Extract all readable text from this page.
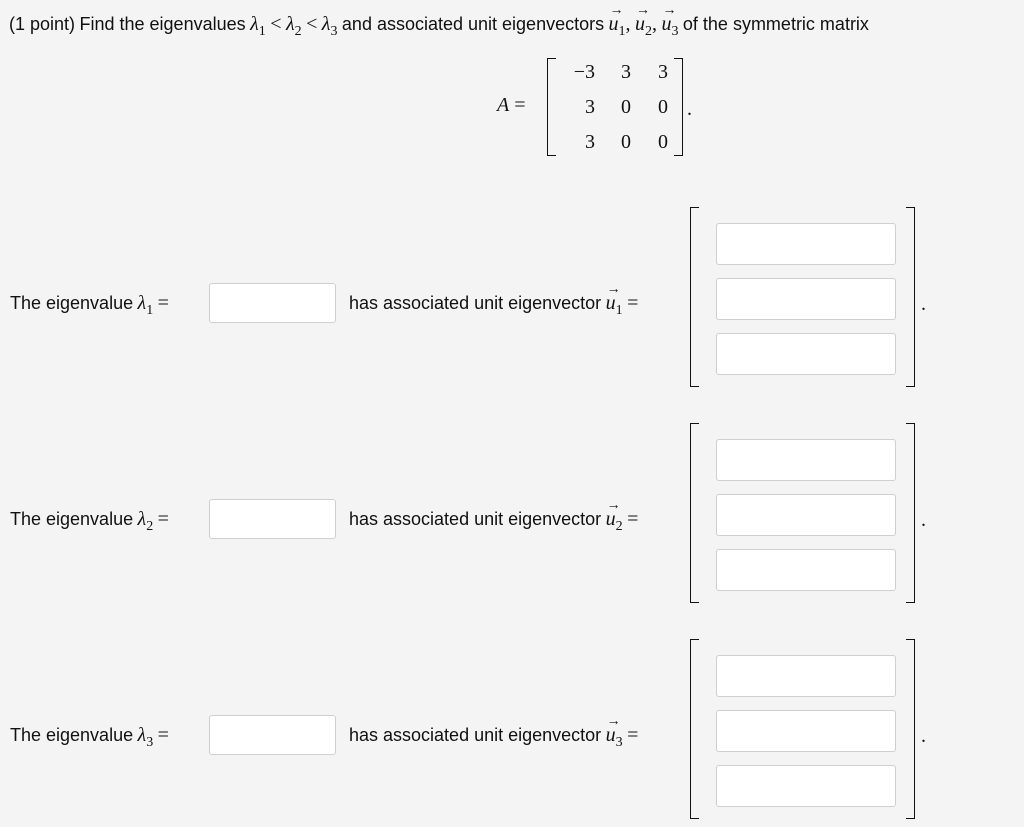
(1 point) Find the eigenvalues $\lambda_1 < \lambda_2 < \lambda_3$ and associated unit eigenvectors
→
$u_1$,
→
$u_2$,
→
$u_3$ of the symmetric matrix
A =
−3	3	3
3	0	0
3	0	0
.
The eigenvalue $\lambda_1$ =	has associated unit eigenvector
→
$u_1$ =	.
The eigenvalue $\lambda_2$ =	has associated unit eigenvector
→
$u_2$ =	.
The eigenvalue $\lambda_3$ =	has associated unit eigenvector
→
$u_3$ =	.
